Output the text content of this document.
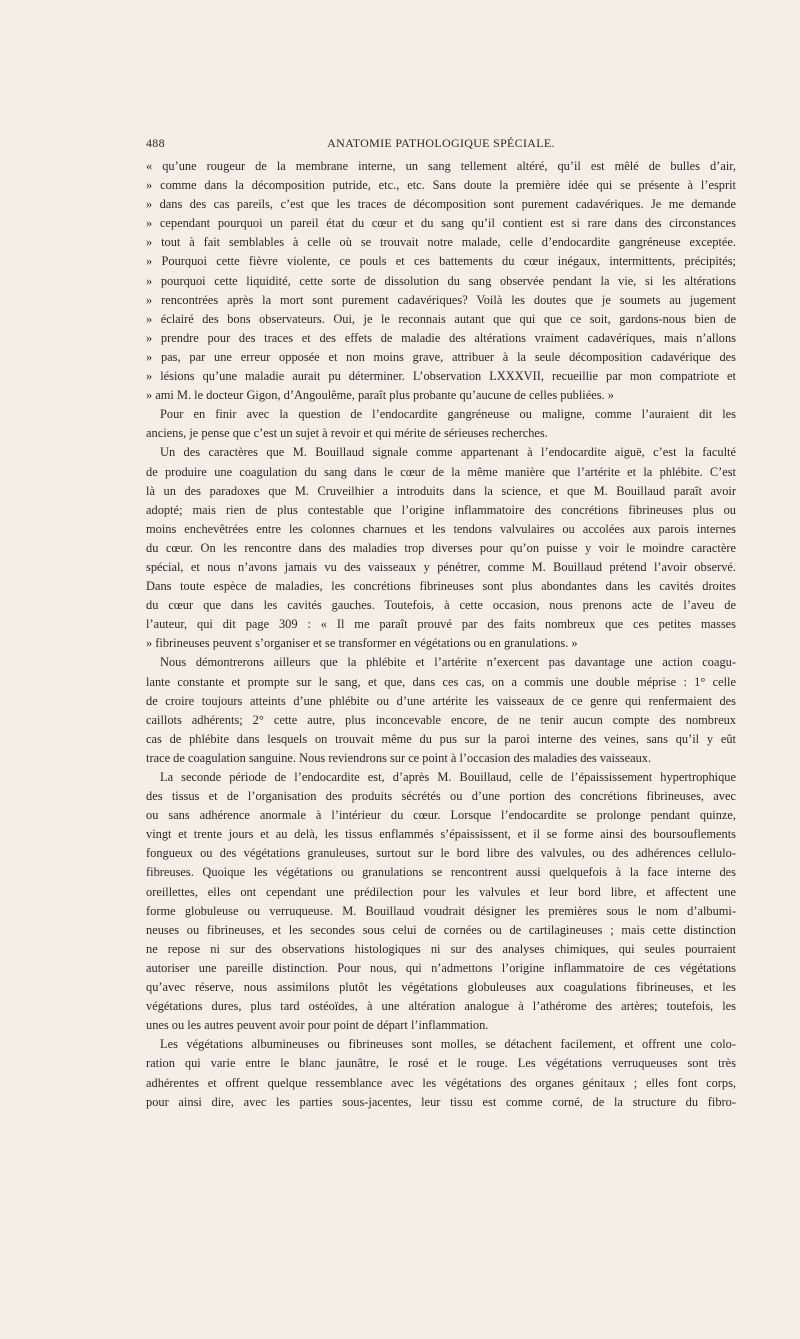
488	ANATOMIE PATHOLOGIQUE SPÉCIALE.
« qu’une rougeur de la membrane interne, un sang tellement altéré, qu’il est mêlé de bulles d’air,
» comme dans la décomposition putride, etc., etc. Sans doute la première idée qui se présente à l’esprit
» dans des cas pareils, c’est que les traces de décomposition sont purement cadavériques. Je me demande
» cependant pourquoi un pareil état du cœur et du sang qu’il contient est si rare dans des circonstances
» tout à fait semblables à celle où se trouvait notre malade, celle d’endocardite gangréneuse exceptée.
» Pourquoi cette fièvre violente, ce pouls et ces battements du cœur inégaux, intermittents, précipités;
» pourquoi cette liquidité, cette sorte de dissolution du sang observée pendant la vie, si les altérations
» rencontrées après la mort sont purement cadavériques? Voilà les doutes que je soumets au jugement
» éclairé des bons observateurs. Oui, je le reconnais autant que qui que ce soit, gardons-nous bien de
» prendre pour des traces et des effets de maladie des altérations vraiment cadavériques, mais n’allons
» pas, par une erreur opposée et non moins grave, attribuer à la seule décomposition cadavérique des
» lésions qu’une maladie aurait pu déterminer. L’observation LXXXVII, recueillie par mon compatriote et
» ami M. le docteur Gigon, d’Angoulême, paraît plus probante qu’aucune de celles publiées. »
Pour en finir avec la question de l’endocardite gangréneuse ou maligne, comme l’auraient dit les
anciens, je pense que c’est un sujet à revoir et qui mérite de sérieuses recherches.
Un des caractères que M. Bouillaud signale comme appartenant à l’endocardite aiguë, c’est la faculté
de produire une coagulation du sang dans le cœur de la même manière que l’artérite et la phlébite. C’est
là un des paradoxes que M. Cruveilhier a introduits dans la science, et que M. Bouillaud paraît avoir
adopté; mais rien de plus contestable que l’origine inflammatoire des concrétions fibrineuses plus ou
moins enchevêtrées entre les colonnes charnues et les tendons valvulaires ou accolées aux parois internes
du cœur. On les rencontre dans des maladies trop diverses pour qu’on puisse y voir le moindre caractère
spécial, et nous n’avons jamais vu des vaisseaux y pénétrer, comme M. Bouillaud prétend l’avoir observé.
Dans toute espèce de maladies, les concrétions fibrineuses sont plus abondantes dans les cavités droites
du cœur que dans les cavités gauches. Toutefois, à cette occasion, nous prenons acte de l’aveu de
l’auteur, qui dit page 309 : « Il me paraît prouvé par des faits nombreux que ces petites masses
» fibrineuses peuvent s’organiser et se transformer en végétations ou en granulations. »
Nous démontrerons ailleurs que la phlébite et l’artérite n’exercent pas davantage une action coagu-
lante constante et prompte sur le sang, et que, dans ces cas, on a commis une double méprise : 1° celle
de croire toujours atteints d’une phlébite ou d’une artérite les vaisseaux de ce genre qui renfermaient des
caillots adhérents; 2° cette autre, plus inconcevable encore, de ne tenir aucun compte des nombreux
cas de phlébite dans lesquels on trouvait même du pus sur la paroi interne des veines, sans qu’il y eût
trace de coagulation sanguine. Nous reviendrons sur ce point à l’occasion des maladies des vaisseaux.
La seconde période de l’endocardite est, d’après M. Bouillaud, celle de l’épaississement hypertrophique
des tissus et de l’organisation des produits sécrétés ou d’une portion des concrétions fibrineuses, avec
ou sans adhérence anormale à l’intérieur du cœur. Lorsque l’endocardite se prolonge pendant quinze,
vingt et trente jours et au delà, les tissus enflammés s’épaississent, et il se forme ainsi des boursouflements
fongueux ou des végétations granuleuses, surtout sur le bord libre des valvules, ou des adhérences cellulo-
fibreuses. Quoique les végétations ou granulations se rencontrent aussi quelquefois à la face interne des
oreillettes, elles ont cependant une prédilection pour les valvules et leur bord libre, et affectent une
forme globuleuse ou verruqueuse. M. Bouillaud voudrait désigner les premières sous le nom d’albumi-
neuses ou fibrineuses, et les secondes sous celui de cornées ou de cartilagineuses ; mais cette distinction
ne repose ni sur des observations histologiques ni sur des analyses chimiques, qui seules pourraient
autoriser une pareille distinction. Pour nous, qui n’admettons l’origine inflammatoire de ces végétations
qu’avec réserve, nous assimilons plutôt les végétations globuleuses aux coagulations fibrineuses, et les
végétations dures, plus tard ostéoïdes, à une altération analogue à l’athérome des artères; toutefois, les
unes ou les autres peuvent avoir pour point de départ l’inflammation.
Les végétations albumineuses ou fibrineuses sont molles, se détachent facilement, et offrent une colo-
ration qui varie entre le blanc jaunâtre, le rosé et le rouge. Les végétations verruqueuses sont très
adhérentes et offrent quelque ressemblance avec les végétations des organes génitaux ; elles font corps,
pour ainsi dire, avec les parties sous-jacentes, leur tissu est comme corné, de la structure du fibro-
